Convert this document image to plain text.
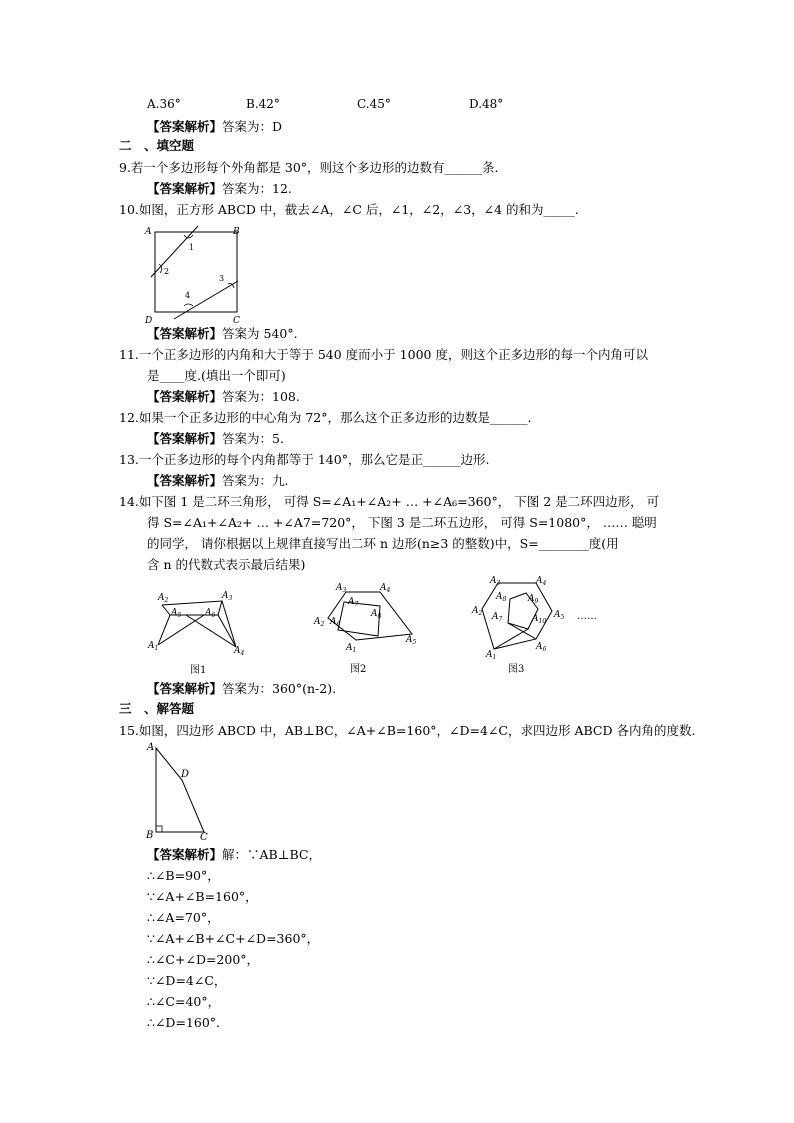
A.36°	B.42°	C.45°	D.48°
【答案解析】答案为：D
二　、填空题
9.若一个多边形每个外角都是 30°，则这个多边形的边数有______条.
【答案解析】答案为：12.
10.如图，正方形 ABCD 中，截去∠A，∠C 后，∠1，∠2，∠3，∠4 的和为_____.
A	B
C
D
1
2
3
4
【答案解析】答案为 540°.
11.一个正多边形的内角和大于等于 540 度而小于 1000 度，则这个正多边形的每一个内角可以
是____度.(填出一个即可)
【答案解析】答案为：108.
12.如果一个正多边形的中心角为 72°，那么这个正多边形的边数是______.
【答案解析】答案为：5.
13.一个正多边形的每个内角都等于 140°，那么它是正______边形.
【答案解析】答案为：九.
14.如下图 1 是二环三角形， 可得 S=∠A₁+∠A₂+ … +∠A₆=360°， 下图 2 是二环四边形， 可
得 S=∠A₁+∠A₂+ … +∠A7=720°， 下图 3 是二环五边形， 可得 S=1080°， …… 聪明
的同学， 请你根据以上规律直接写出二环 n 边形(n≥3 的整数)中，S=________度(用
含 n 的代数式表示最后结果)
$A_2$	$A_3$
$A_5$	$A_6$
$A_1$	$A_4$
图1
$A_3$	$A_4$
$A_7$
$A_8$
$A_6$
$A_2$
$A_5$
$A_1$
图2
$A_3$	$A_4$
$A_8$ $A_9$
$A_2$	$A_5$
$A_7$	$A_{10}$
$A_6$
$A_1$
图3
……
【答案解析】答案为：360°(n-2).
三　、解答题
15.如图，四边形 ABCD 中，AB⊥BC，∠A+∠B=160°，∠D=4∠C，求四边形 ABCD 各内角的度数.
A
D
B	C
【答案解析】解：∵AB⊥BC，
∴∠B=90°，
∵∠A+∠B=160°，
∴∠A=70°，
∵∠A+∠B+∠C+∠D=360°，
∴∠C+∠D=200°，
∵∠D=4∠C，
∴∠C=40°，
∴∠D=160°.
